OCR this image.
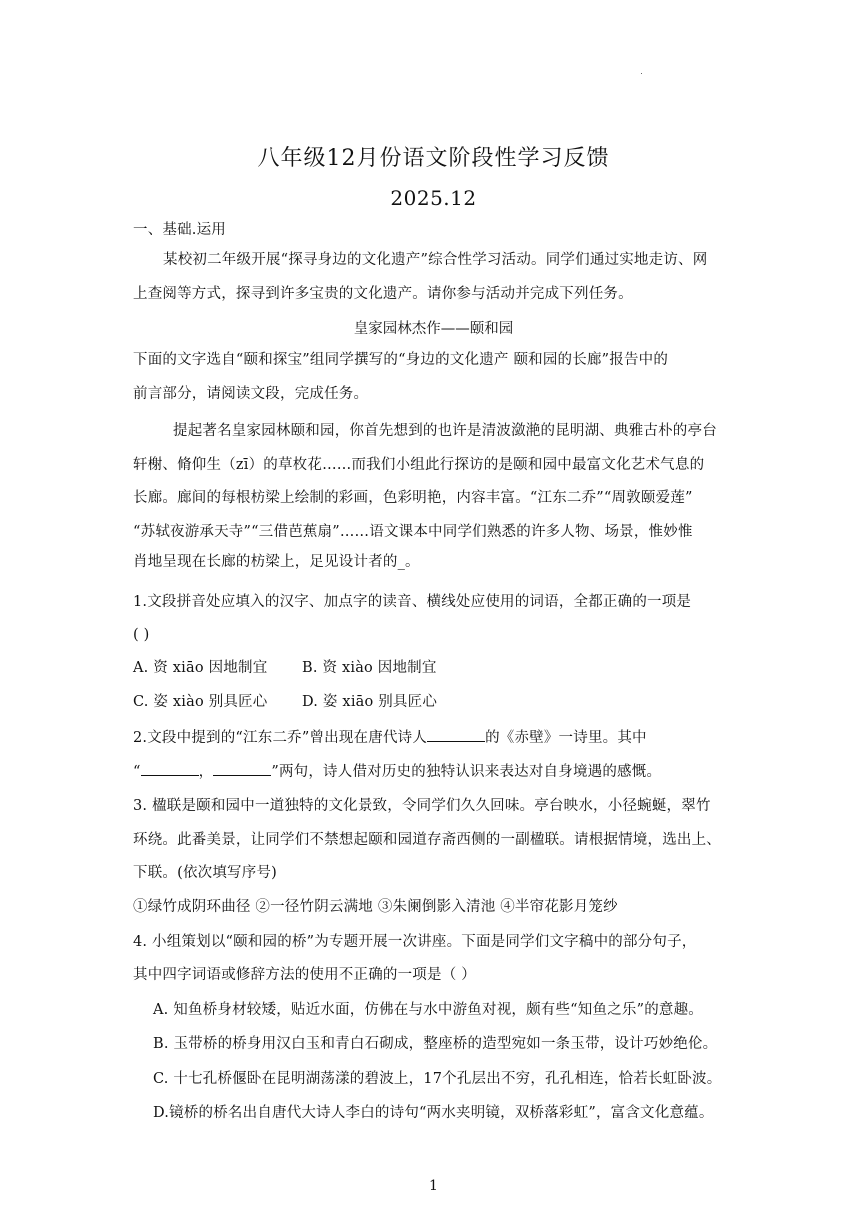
八年级12月份语文阶段性学习反馈
2025.12
一、基础.运用
某校初二年级开展“探寻身边的文化遗产”综合性学习活动。同学们通过实地走访、网
上查阅等方式，探寻到许多宝贵的文化遗产。请你参与活动并完成下列任务。
皇家园林杰作——颐和园
下面的文字选自“颐和探宝”组同学撰写的“身边的文化遗产 颐和园的长廊”报告中的
前言部分，请阅读文段，完成任务。
提起著名皇家园林颐和园，你首先想到的也许是清波潋滟的昆明湖、典雅古朴的亭台
轩榭、脩仰生（zī）的草枚花……而我们小组此行探访的是颐和园中最富文化艺术气息的
长廊。廊间的每根枋梁上绘制的彩画，色彩明艳，内容丰富。“江东二乔”“周敦颐爱莲”
“苏轼夜游承天寺”“三借芭蕉扇”……语文课本中同学们熟悉的许多人物、场景，惟妙惟
肖地呈现在长廊的枋梁上，足见设计者的_。
1.文段拼音处应填入的汉字、加点字的读音、横线处应使用的词语，全都正确的一项是
( )
A. 资 xiāo 因地制宜 B. 资 xiào 因地制宜
C. 姿 xiào 别具匠心 D. 姿 xiāo 别具匠心
2.文段中提到的“江东二乔”曾出现在唐代诗人	的《赤壁》一诗里。其中
“	，	”两句，诗人借对历史的独特认识来表达对自身境遇的感慨。
3. 楹联是颐和园中一道独特的文化景致，令同学们久久回味。亭台映水，小径蜿蜒，翠竹
环绕。此番美景，让同学们不禁想起颐和园道存斋西侧的一副楹联。请根据情境，选出上、
下联。(依次填写序号)
①绿竹成阴环曲径 ②一径竹阴云满地 ③朱阑倒影入清池 ④半帘花影月笼纱
4. 小组策划以“颐和园的桥”为专题开展一次讲座。下面是同学们文字稿中的部分句子，
其中四字词语或修辞方法的使用不正确的一项是（ ）
A. 知鱼桥身材较矮，贴近水面，仿佛在与水中游鱼对视，颇有些“知鱼之乐”的意趣。
B. 玉带桥的桥身用汉白玉和青白石砌成，整座桥的造型宛如一条玉带，设计巧妙绝伦。
C. 十七孔桥偃卧在昆明湖荡漾的碧波上，17个孔层出不穷，孔孔相连，恰若长虹卧波。
D.镜桥的桥名出自唐代大诗人李白的诗句“两水夹明镜，双桥落彩虹”，富含文化意蕴。
1
